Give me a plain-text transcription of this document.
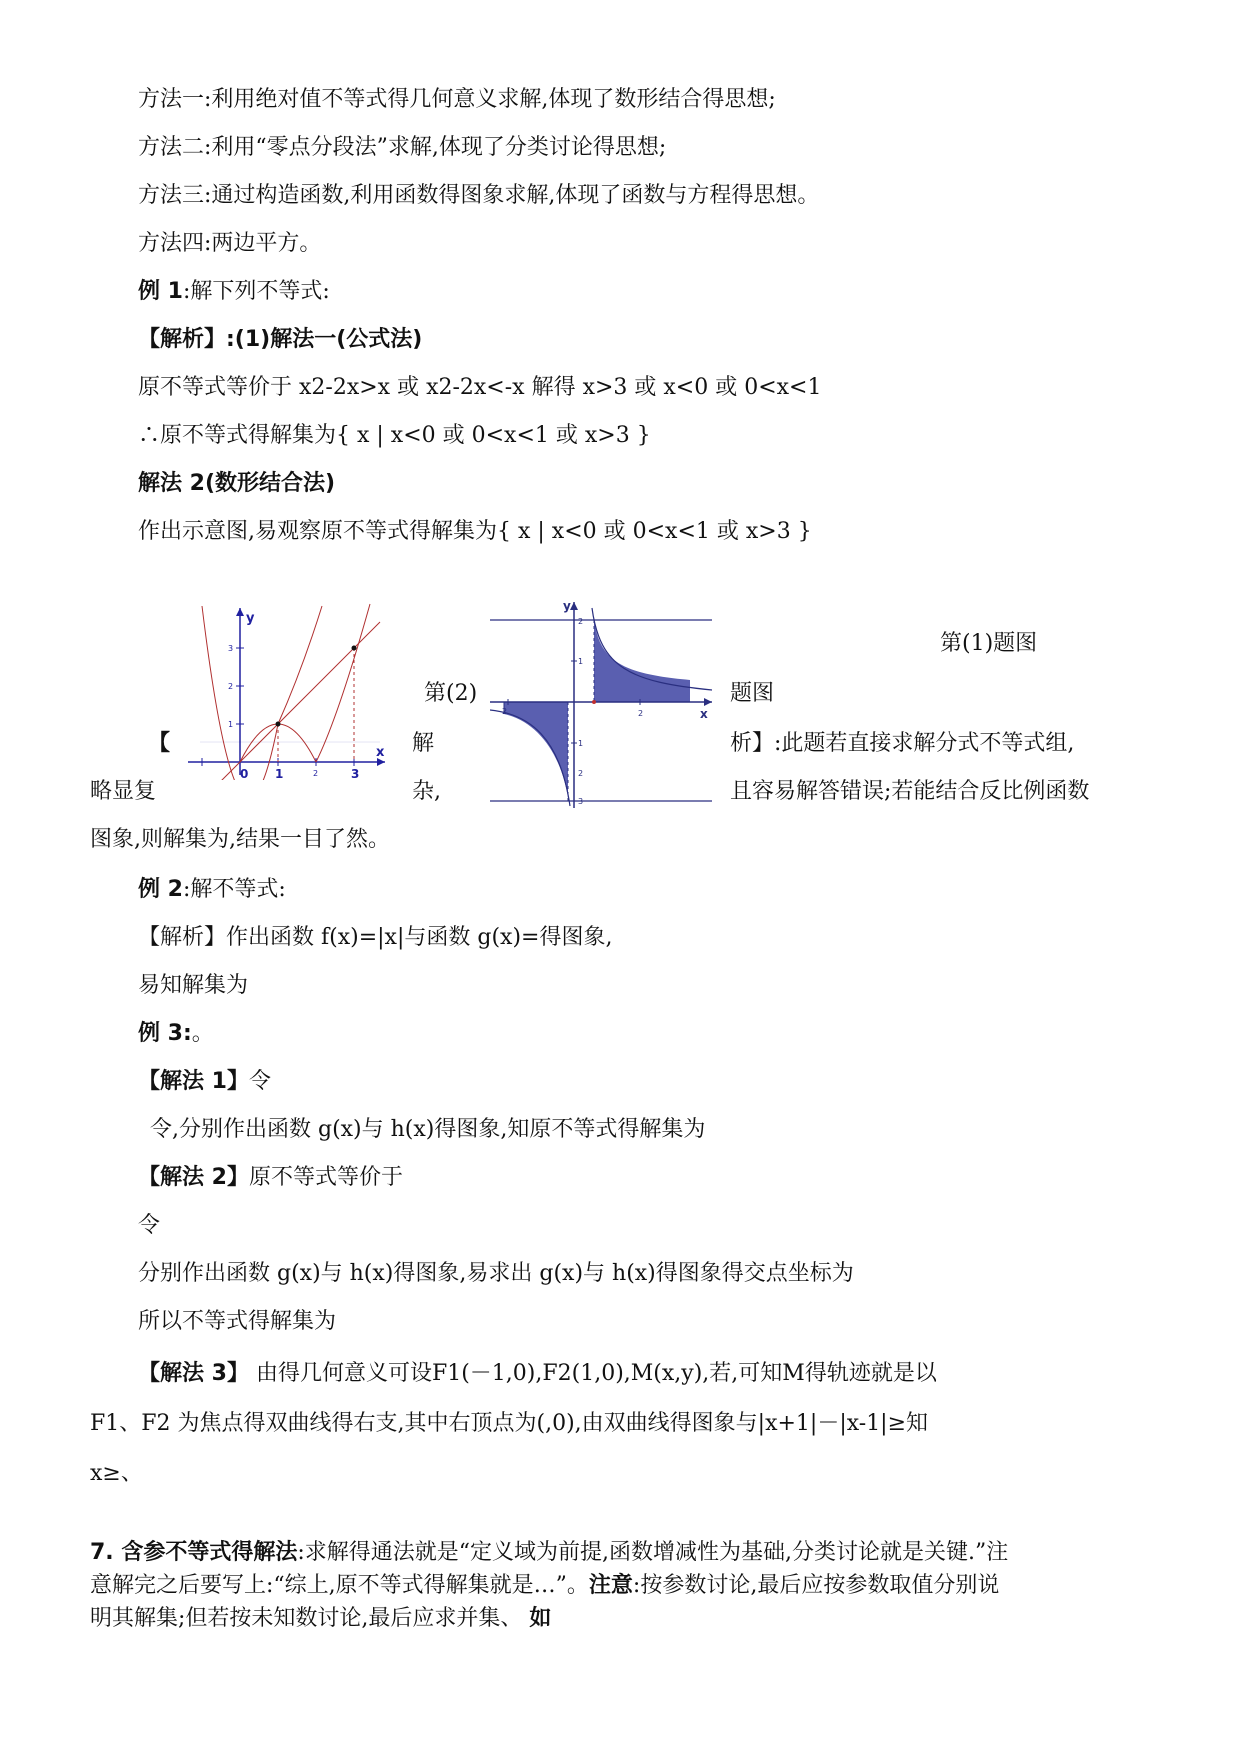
方法一:利用绝对值不等式得几何意义求解,体现了数形结合得思想;
方法二:利用“零点分段法”求解,体现了分类讨论得思想;
方法三:通过构造函数,利用函数得图象求解,体现了函数与方程得思想。
方法四:两边平方。
例 1:解下列不等式:
【解析】:(1)解法一(公式法)
原不等式等价于 x2-2x>x 或 x2-2x<-x 解得 x>3 或 x<0 或 0<x<1
∴原不等式得解集为{ x | x<0 或 0<x<1 或 x>3 }
解法 2(数形结合法)
作出示意图,易观察原不等式得解集为{ x | x<0 或 0<x<1 或 x>3 }
y
x
0 1	2	3
1
2
3
y
x
2
2
2
1
1
2
3
第(1)题图
第(2)	题图
【	解	析】:此题若直接求解分式不等式组,
略显复	杂,	且容易解答错误;若能结合反比例函数
图象,则解集为,结果一目了然。
例 2:解不等式:
【解析】作出函数 f(x)=|x|与函数 g(x)=得图象,
易知解集为
例 3:。
【解法 1】令
令,分别作出函数 g(x)与 h(x)得图象,知原不等式得解集为
【解法 2】原不等式等价于
令
分别作出函数 g(x)与 h(x)得图象,易求出 g(x)与 h(x)得图象得交点坐标为
所以不等式得解集为
【解法 3】 由得几何意义可设F1(－1,0),F2(1,0),M(x,y),若,可知M得轨迹就是以
F1、F2 为焦点得双曲线得右支,其中右顶点为(,0),由双曲线得图象与|x+1|－|x-1|≥知
x≥、
7. 含参不等式得解法:求解得通法就是“定义域为前提,函数增减性为基础,分类讨论就是关键.”注
意解完之后要写上:“综上,原不等式得解集就是…”。注意:按参数讨论,最后应按参数取值分别说
明其解集;但若按未知数讨论,最后应求并集、 如
